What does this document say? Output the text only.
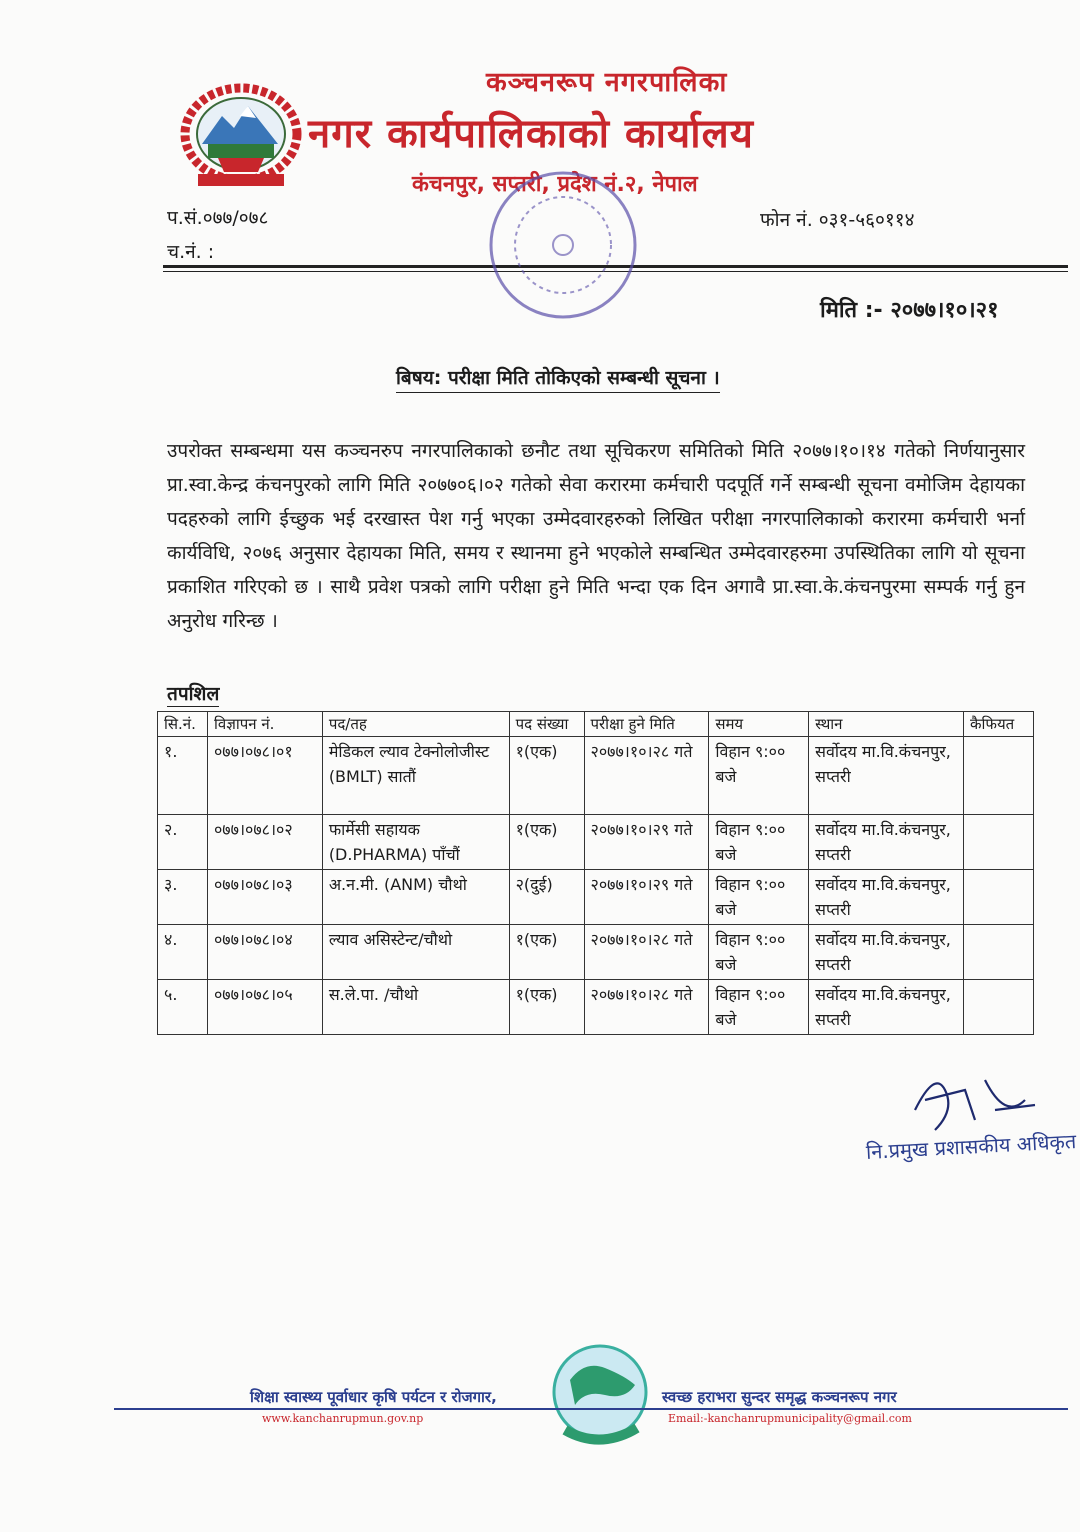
कञ्चनरूप नगरपालिका
नगर कार्यपालिकाको कार्यालय
कंचनपुर, सप्तरी, प्रदेश नं.२, नेपाल
प.सं.०७७/०७८
च.नं. :
फोन नं. ०३१-५६०११४
मिति :- २०७७।१०।२१
बिषय: परीक्षा मिति तोकिएको सम्बन्धी सूचना ।
उपरोक्त सम्बन्धमा यस कञ्चनरुप नगरपालिकाको छनौट तथा सूचिकरण समितिको मिति २०७७।१०।१४ गतेको निर्णयानुसार प्रा.स्वा.केन्द्र कंचनपुरको लागि मिति २०७७०६।०२ गतेको सेवा करारमा कर्मचारी पदपूर्ति गर्ने सम्बन्धी सूचना वमोजिम देहायका पदहरुको लागि ईच्छुक भई दरखास्त पेश गर्नु भएका उम्मेदवारहरुको लिखित परीक्षा नगरपालिकाको करारमा कर्मचारी भर्ना कार्यविधि, २०७६ अनुसार देहायका मिति, समय र स्थानमा हुने भएकोले सम्बन्धित उम्मेदवारहरुमा उपस्थितिका लागि यो सूचना प्रकाशित गरिएको छ । साथै प्रवेश पत्रको लागि परीक्षा हुने मिति भन्दा एक दिन अगावै प्रा.स्वा.के.कंचनपुरमा सम्पर्क गर्नु हुन अनुरोध गरिन्छ ।
तपशिल
सि.नं.	विज्ञापन नं.	पद/तह	पद संख्या	परीक्षा हुने मिति	समय	स्थान	कैफियत
१.	०७७।०७८।०१	मेडिकल ल्याव टेक्नोलोजीस्ट (BMLT) सातौं	१(एक)	२०७७।१०।२८ गते	विहान ९:०० बजे	सर्वोदय मा.वि.कंचनपुर, सप्तरी	
२.	०७७।०७८।०२	फार्मेसी सहायक (D.PHARMA) पाँचौं	१(एक)	२०७७।१०।२९ गते	विहान ९:०० बजे	सर्वोदय मा.वि.कंचनपुर, सप्तरी	
३.	०७७।०७८।०३	अ.न.मी. (ANM) चौथो	२(दुई)	२०७७।१०।२९ गते	विहान ९:०० बजे	सर्वोदय मा.वि.कंचनपुर, सप्तरी	
४.	०७७।०७८।०४	ल्याव असिस्टेन्ट/चौथो	१(एक)	२०७७।१०।२८ गते	विहान ९:०० बजे	सर्वोदय मा.वि.कंचनपुर, सप्तरी	
५.	०७७।०७८।०५	स.ले.पा. /चौथो	१(एक)	२०७७।१०।२८ गते	विहान ९:०० बजे	सर्वोदय मा.वि.कंचनपुर, सप्तरी	
नि.प्रमुख प्रशासकीय अधिकृत
शिक्षा स्वास्थ्य पूर्वाधार कृषि पर्यटन र रोजगार,	स्वच्छ हराभरा सुन्दर समृद्ध कञ्चनरूप नगर
www.kanchanrupmun.gov.np	Email:-kanchanrupmunicipality@gmail.com
